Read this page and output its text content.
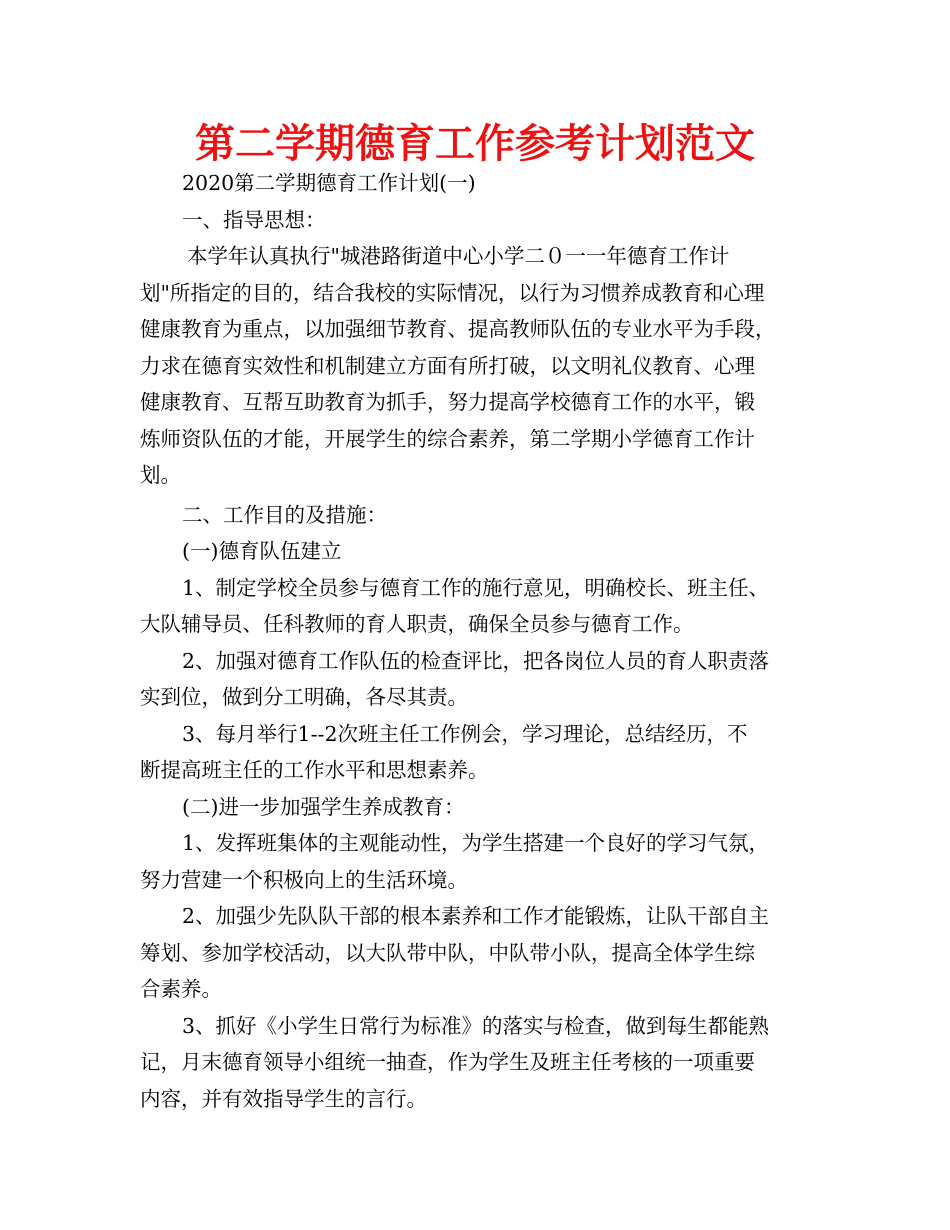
第二学期德育工作参考计划范文

2020第二学期德育工作计划(一)

一、指导思想：

本学年认真执行"城港路街道中心小学二０一一年德育工作计

划"所指定的目的，结合我校的实际情况，以行为习惯养成教育和心理

健康教育为重点，以加强细节教育、提高教师队伍的专业水平为手段，

力求在德育实效性和机制建立方面有所打破，以文明礼仪教育、心理

健康教育、互帮互助教育为抓手，努力提高学校德育工作的水平，锻

炼师资队伍的才能，开展学生的综合素养，第二学期小学德育工作计

划。

二、工作目的及措施：

(一)德育队伍建立

1、制定学校全员参与德育工作的施行意见，明确校长、班主任、

大队辅导员、任科教师的育人职责，确保全员参与德育工作。

2、加强对德育工作队伍的检查评比，把各岗位人员的育人职责落

实到位，做到分工明确，各尽其责。

3、每月举行1--2次班主任工作例会，学习理论，总结经历，不

断提高班主任的工作水平和思想素养。

(二)进一步加强学生养成教育：

1、发挥班集体的主观能动性，为学生搭建一个良好的学习气氛，

努力营建一个积极向上的生活环境。

2、加强少先队队干部的根本素养和工作才能锻炼，让队干部自主

筹划、参加学校活动，以大队带中队，中队带小队，提高全体学生综

合素养。

3、抓好《小学生日常行为标准》的落实与检查，做到每生都能熟

记，月末德育领导小组统一抽查，作为学生及班主任考核的一项重要

内容，并有效指导学生的言行。
